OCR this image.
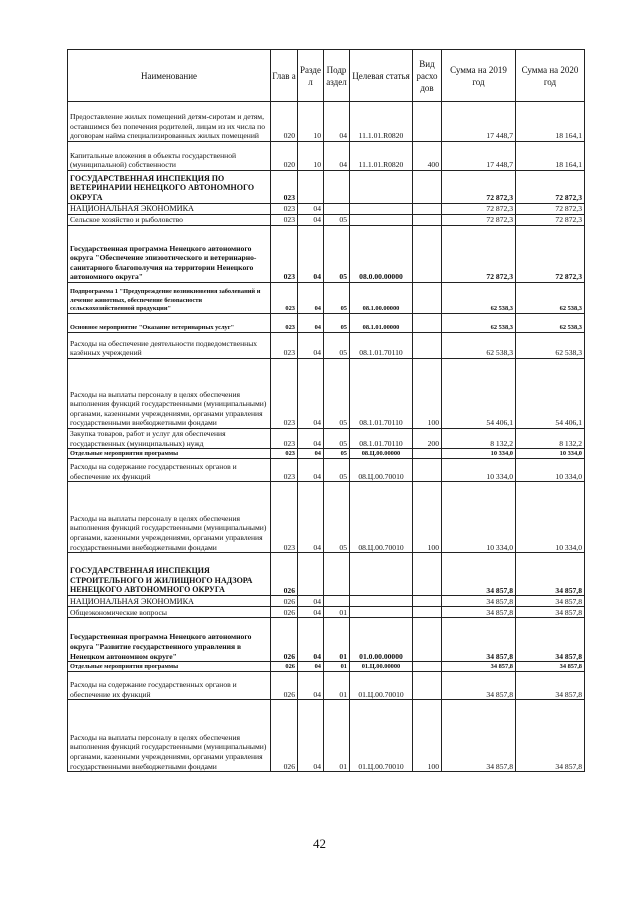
Наименование	Глав а	Разде л	Подр аздел	Целевая статья	Вид расхо дов	Сумма на 2019 год	Сумма на 2020 год
Предоставление жилых помещений детям-сиротам и детям, оставшимся без попечения родителей, лицам из их числа по договорам найма специализированных жилых помещений	020	10	04	11.1.01.R0820		17 448,7	18 164,1
Капитальные вложения в объекты государственной (муниципальной) собственности	020	10	04	11.1.01.R0820	400	17 448,7	18 164,1
ГОСУДАРСТВЕННАЯ ИНСПЕКЦИЯ ПО ВЕТЕРИНАРИИ НЕНЕЦКОГО АВТОНОМНОГО ОКРУГА	023					72 872,3	72 872,3
НАЦИОНАЛЬНАЯ ЭКОНОМИКА	023	04				72 872,3	72 872,3
Сельское хозяйство и рыболовство	023	04	05			72 872,3	72 872,3
Государственная программа Ненецкого автономного округа "Обеспечение эпизоотического и ветеринарно-санитарного благополучия на территории Ненецкого автономного округа"	023	04	05	08.0.00.00000		72 872,3	72 872,3
Подпрограмма 1 "Предупреждение возникновения заболеваний и лечение животных, обеспечение безопасности сельскохозяйственной продукции"	023	04	05	08.1.00.00000		62 538,3	62 538,3
Основное мероприятие "Оказание ветеринарных услуг"	023	04	05	08.1.01.00000		62 538,3	62 538,3
Расходы на обеспечение деятельности подведомственных казённых учреждений	023	04	05	08.1.01.70110		62 538,3	62 538,3
Расходы на выплаты персоналу в целях обеспечения выполнения функций государственными (муниципальными) органами, казенными учреждениями, органами управления государственными внебюджетными фондами	023	04	05	08.1.01.70110	100	54 406,1	54 406,1
Закупка товаров, работ и услуг для обеспечения государственных (муниципальных) нужд	023	04	05	08.1.01.70110	200	8 132,2	8 132,2
Отдельные мероприятия программы	023	04	05	08.Ц.00.00000		10 334,0	10 334,0
Расходы на содержание государственных органов и обеспечение их функций	023	04	05	08.Ц.00.70010		10 334,0	10 334,0
Расходы на выплаты персоналу в целях обеспечения выполнения функций государственными (муниципальными) органами, казенными учреждениями, органами управления государственными внебюджетными фондами	023	04	05	08.Ц.00.70010	100	10 334,0	10 334,0
ГОСУДАРСТВЕННАЯ ИНСПЕКЦИЯ СТРОИТЕЛЬНОГО И ЖИЛИЩНОГО НАДЗОРА НЕНЕЦКОГО АВТОНОМНОГО ОКРУГА	026					34 857,8	34 857,8
НАЦИОНАЛЬНАЯ ЭКОНОМИКА	026	04				34 857,8	34 857,8
Общеэкономические вопросы	026	04	01			34 857,8	34 857,8
Государственная программа Ненецкого автономного округа "Развитие государственного управления в Ненецком автономном округе"	026	04	01	01.0.00.00000		34 857,8	34 857,8
Отдельные мероприятия программы	026	04	01	01.Ц.00.00000		34 857,8	34 857,8
Расходы на содержание государственных органов и обеспечение их функций	026	04	01	01.Ц.00.70010		34 857,8	34 857,8
Расходы на выплаты персоналу в целях обеспечения выполнения функций государственными (муниципальными) органами, казенными учреждениями, органами управления государственными внебюджетными фондами	026	04	01	01.Ц.00.70010	100	34 857,8	34 857,8
42
